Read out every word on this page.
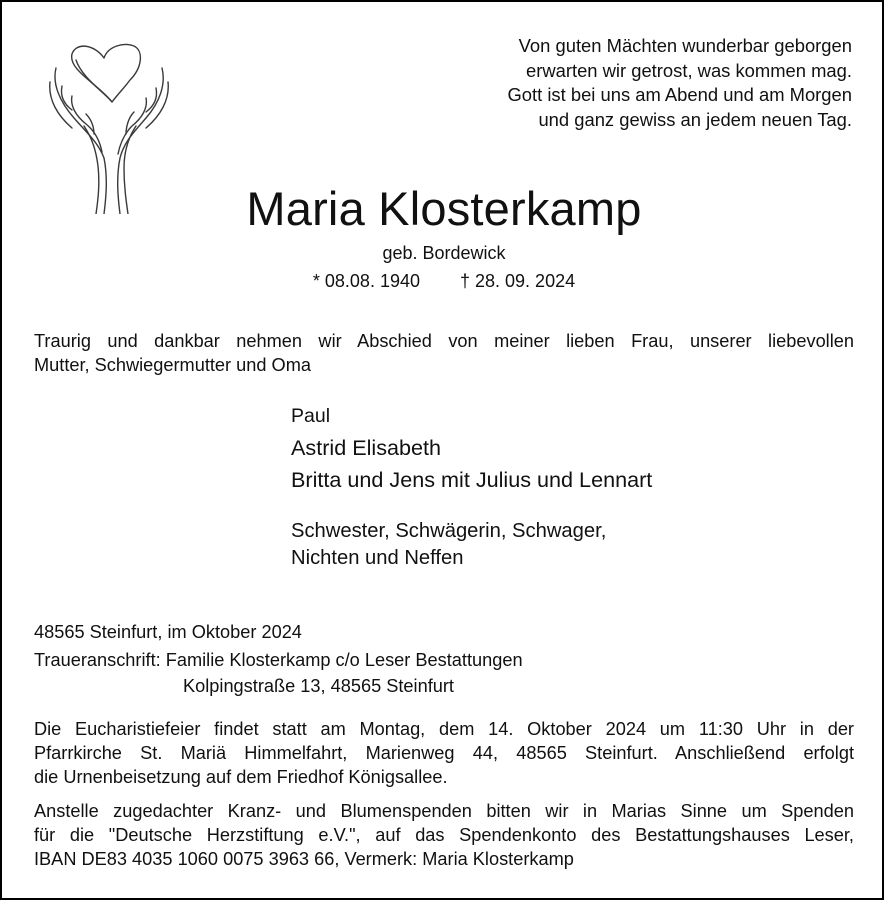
Von guten Mächten wunderbar geborgen
erwarten wir getrost, was kommen mag.
Gott ist bei uns am Abend und am Morgen
und ganz gewiss an jedem neuen Tag.
Maria Klosterkamp
geb. Bordewick
* 08.08. 1940 † 28. 09. 2024
Traurig und dankbar nehmen wir Abschied von meiner lieben Frau, unserer liebevollen
Mutter, Schwiegermutter und Oma
Paul
Astrid Elisabeth
Britta und Jens mit Julius und Lennart
Schwester, Schwägerin, Schwager,
Nichten und Neffen
48565 Steinfurt, im Oktober 2024
Traueranschrift: Familie Klosterkamp c/o Leser Bestattungen
Kolpingstraße 13, 48565 Steinfurt
Die Eucharistiefeier findet statt am Montag, dem 14. Oktober 2024 um 11:30 Uhr in der
Pfarrkirche St. Mariä Himmelfahrt, Marienweg 44, 48565 Steinfurt. Anschließend erfolgt
die Urnenbeisetzung auf dem Friedhof Königsallee.
Anstelle zugedachter Kranz- und Blumenspenden bitten wir in Marias Sinne um Spenden
für die "Deutsche Herzstiftung e.V.", auf das Spendenkonto des Bestattungshauses Leser,
IBAN DE83 4035 1060 0075 3963 66, Vermerk: Maria Klosterkamp
